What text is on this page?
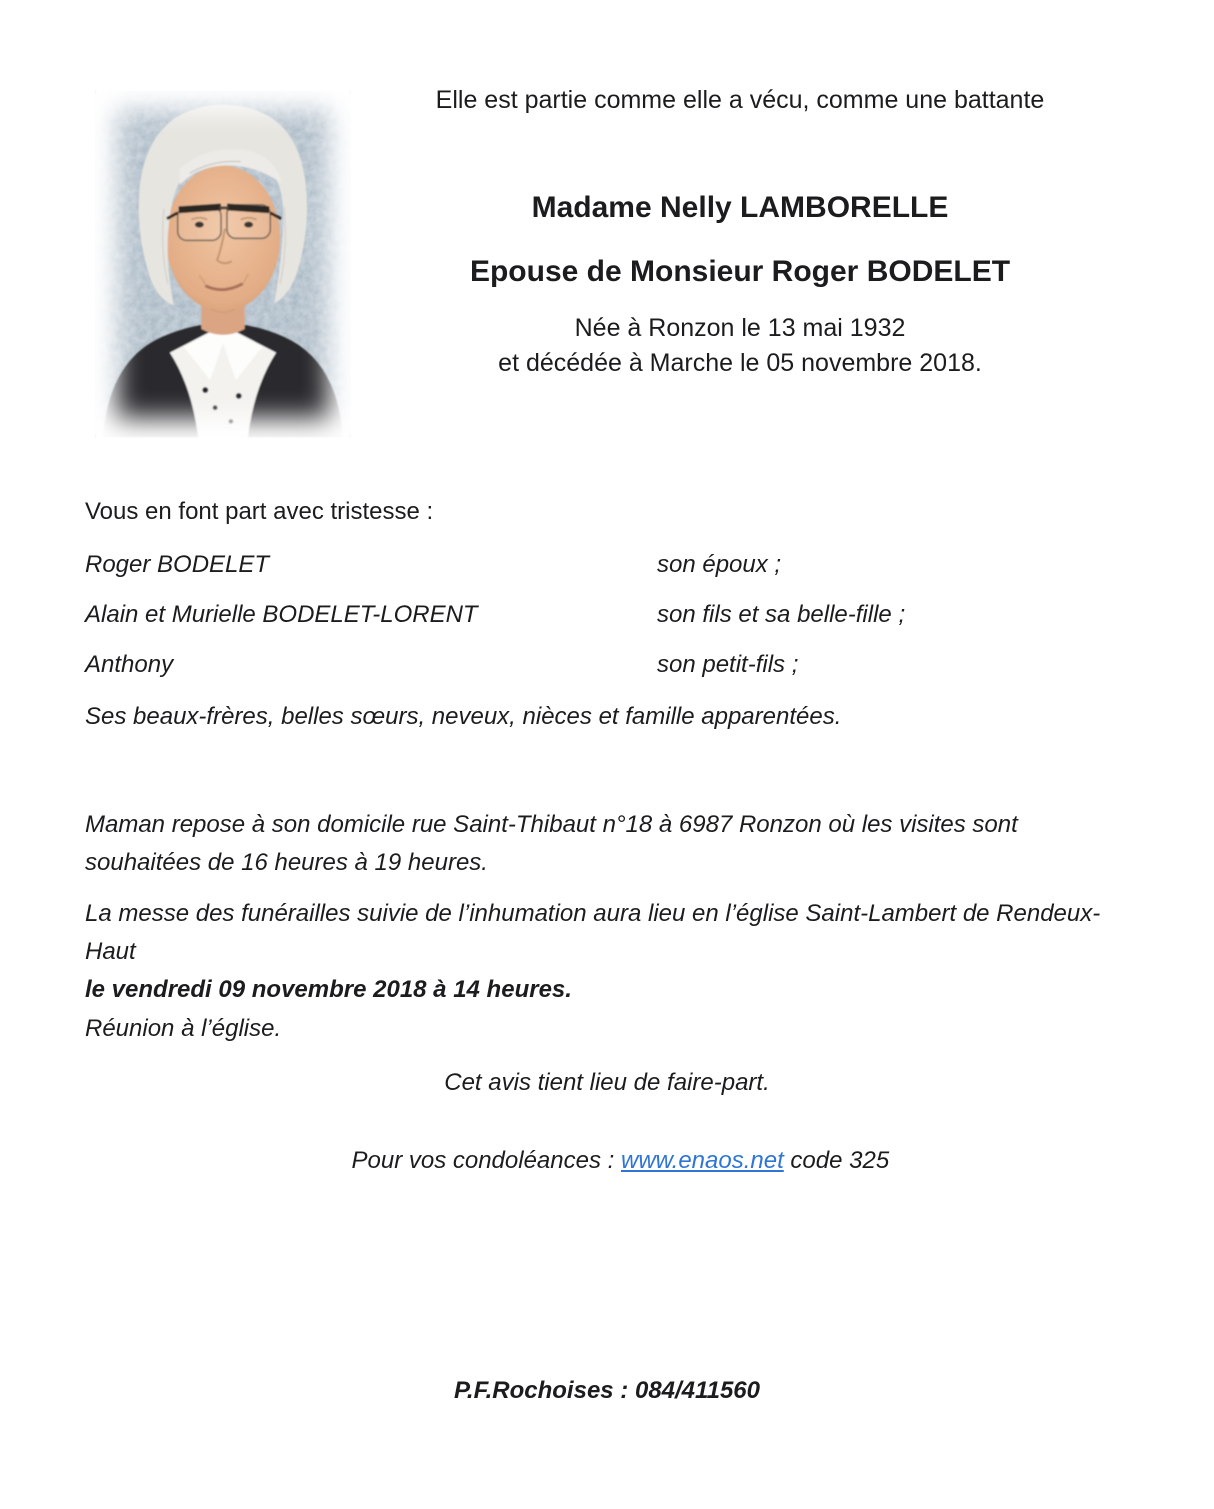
Elle est partie comme elle a vécu, comme une battante
Madame Nelly LAMBORELLE
Epouse de Monsieur Roger BODELET
Née à Ronzon le 13 mai 1932
et décédée à Marche le 05 novembre 2018.
Vous en font part avec tristesse :
Roger BODELET	son époux ;
Alain et Murielle BODELET-LORENT	son fils et sa belle-fille ;
Anthony	son petit-fils ;
Ses beaux-frères, belles sœurs, neveux, nièces et famille apparentées.
Maman repose à son domicile rue Saint-Thibaut n°18 à 6987 Ronzon où les visites sont souhaitées de 16 heures à 19 heures.
La messe des funérailles suivie de l’inhumation aura lieu en l’église Saint-Lambert de Rendeux-Haut
le vendredi 09 novembre 2018 à 14 heures.
Réunion à l’église.
Cet avis tient lieu de faire-part.

Pour vos condoléances : www.enaos.net code 325

P.F.Rochoises : 084/411560
